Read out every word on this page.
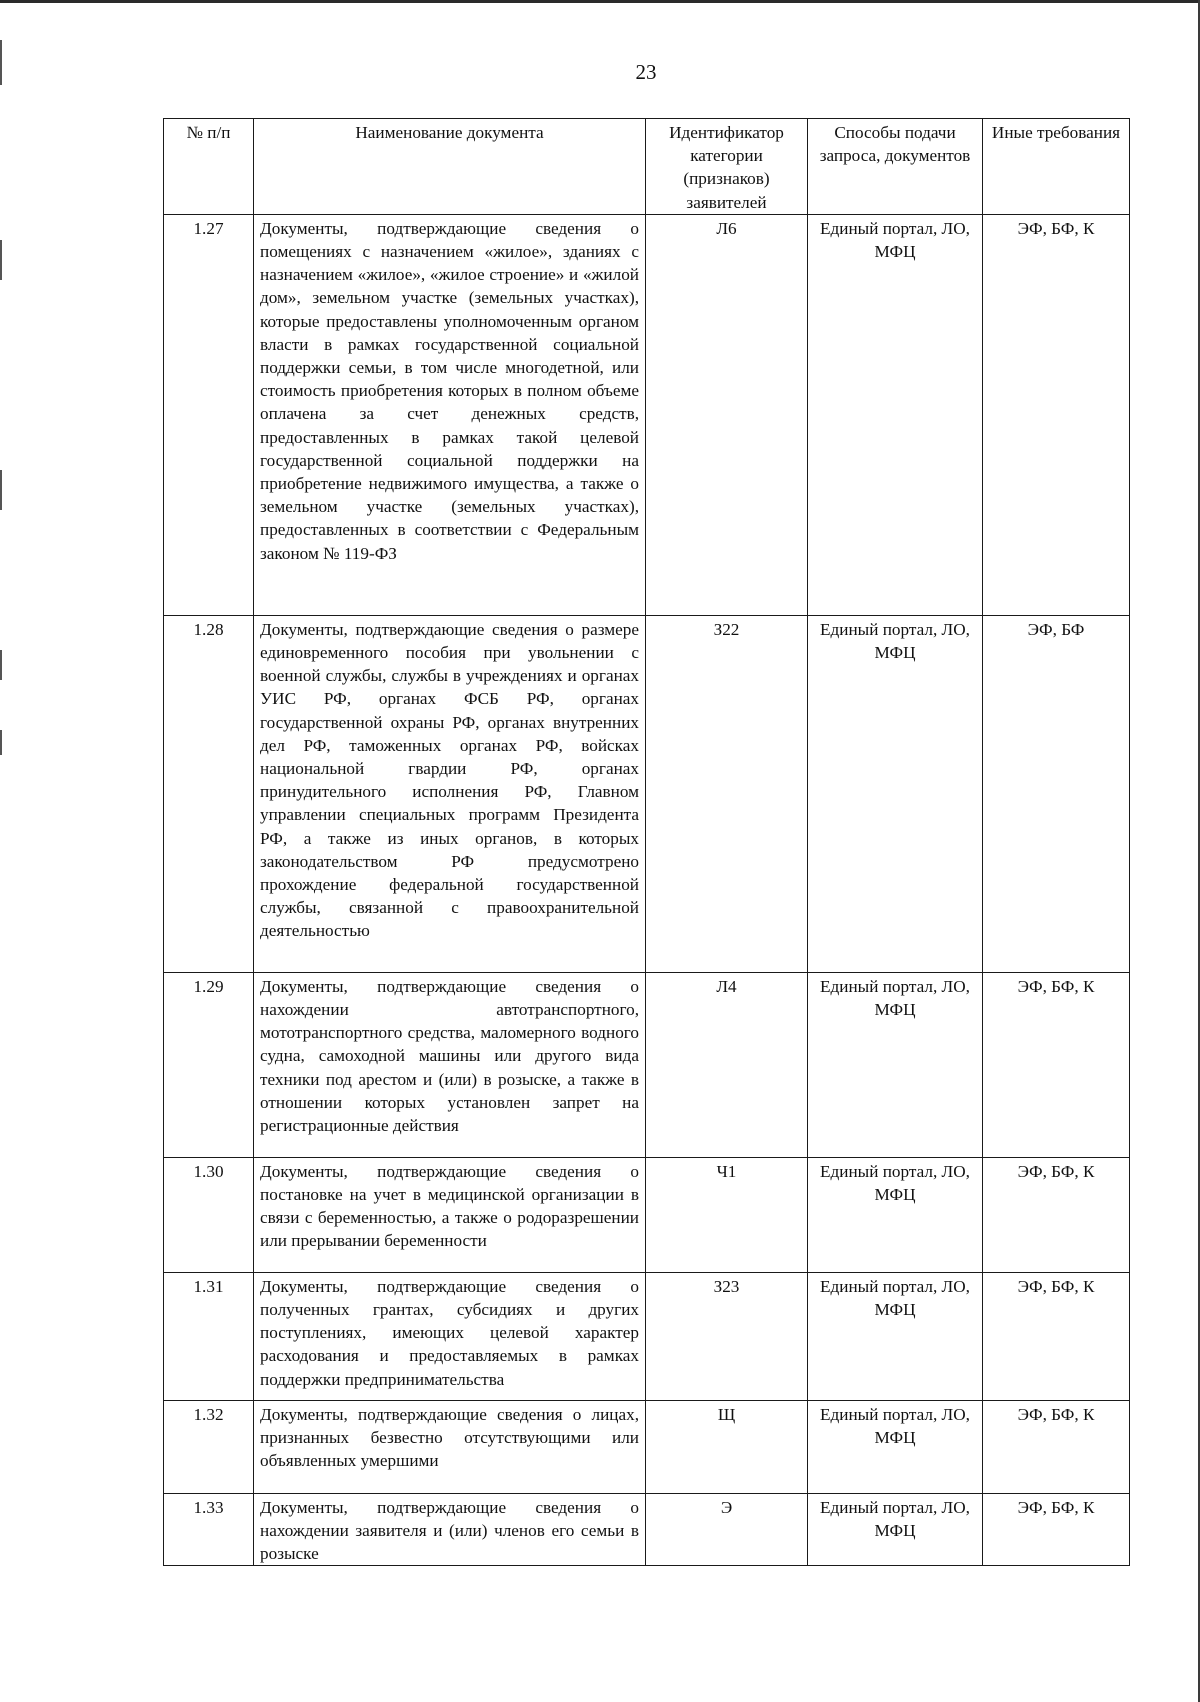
23
№ п/п	Наименование документа	Идентификатор категории (признаков) заявителей	Способы подачи запроса, документов	Иные требования
1.27	Документы, подтверждающие сведения о помещениях с назначением «жилое», зданиях с назначением «жилое», «жилое строение» и «жилой дом», земельном участке (земельных участках), которые предоставлены уполномоченным органом власти в рамках государственной социальной поддержки семьи, в том числе многодетной, или стоимость приобретения которых в полном объеме оплачена за счет денежных средств, предоставленных в рамках такой целевой государственной социальной поддержки на приобретение недвижимого имущества, а также о земельном участке (земельных участках), предоставленных в соответствии с Федеральным законом № 119-ФЗ	Л6	Единый портал, ЛО, МФЦ	ЭФ, БФ, К
1.28	Документы, подтверждающие сведения о размере единовременного пособия при увольнении с военной службы, службы в учреждениях и органах УИС РФ, органах ФСБ РФ, органах государственной охраны РФ, органах внутренних дел РФ, таможенных органах РФ, войсках национальной гвардии РФ, органах принудительного исполнения РФ, Главном управлении специальных программ Президента РФ, а также из иных органов, в которых законодательством РФ предусмотрено прохождение федеральной государственной службы, связанной с правоохранительной деятельностью	З22	Единый портал, ЛО, МФЦ	ЭФ, БФ
1.29	Документы, подтверждающие сведения о нахождении автотранспортного, мототранспортного средства, маломерного водного судна, самоходной машины или другого вида техники под арестом и (или) в розыске, а также в отношении которых установлен запрет на регистрационные действия	Л4	Единый портал, ЛО, МФЦ	ЭФ, БФ, К
1.30	Документы, подтверждающие сведения о постановке на учет в медицинской организации в связи с беременностью, а также о родоразрешении или прерывании беременности	Ч1	Единый портал, ЛО, МФЦ	ЭФ, БФ, К
1.31	Документы, подтверждающие сведения о полученных грантах, субсидиях и других поступлениях, имеющих целевой характер расходования и предоставляемых в рамках поддержки предпринимательства	З23	Единый портал, ЛО, МФЦ	ЭФ, БФ, К
1.32	Документы, подтверждающие сведения о лицах, признанных безвестно отсутствующими или объявленных умершими	Щ	Единый портал, ЛО, МФЦ	ЭФ, БФ, К
1.33	Документы, подтверждающие сведения о нахождении заявителя и (или) членов его семьи в розыске	Э	Единый портал, ЛО, МФЦ	ЭФ, БФ, К
